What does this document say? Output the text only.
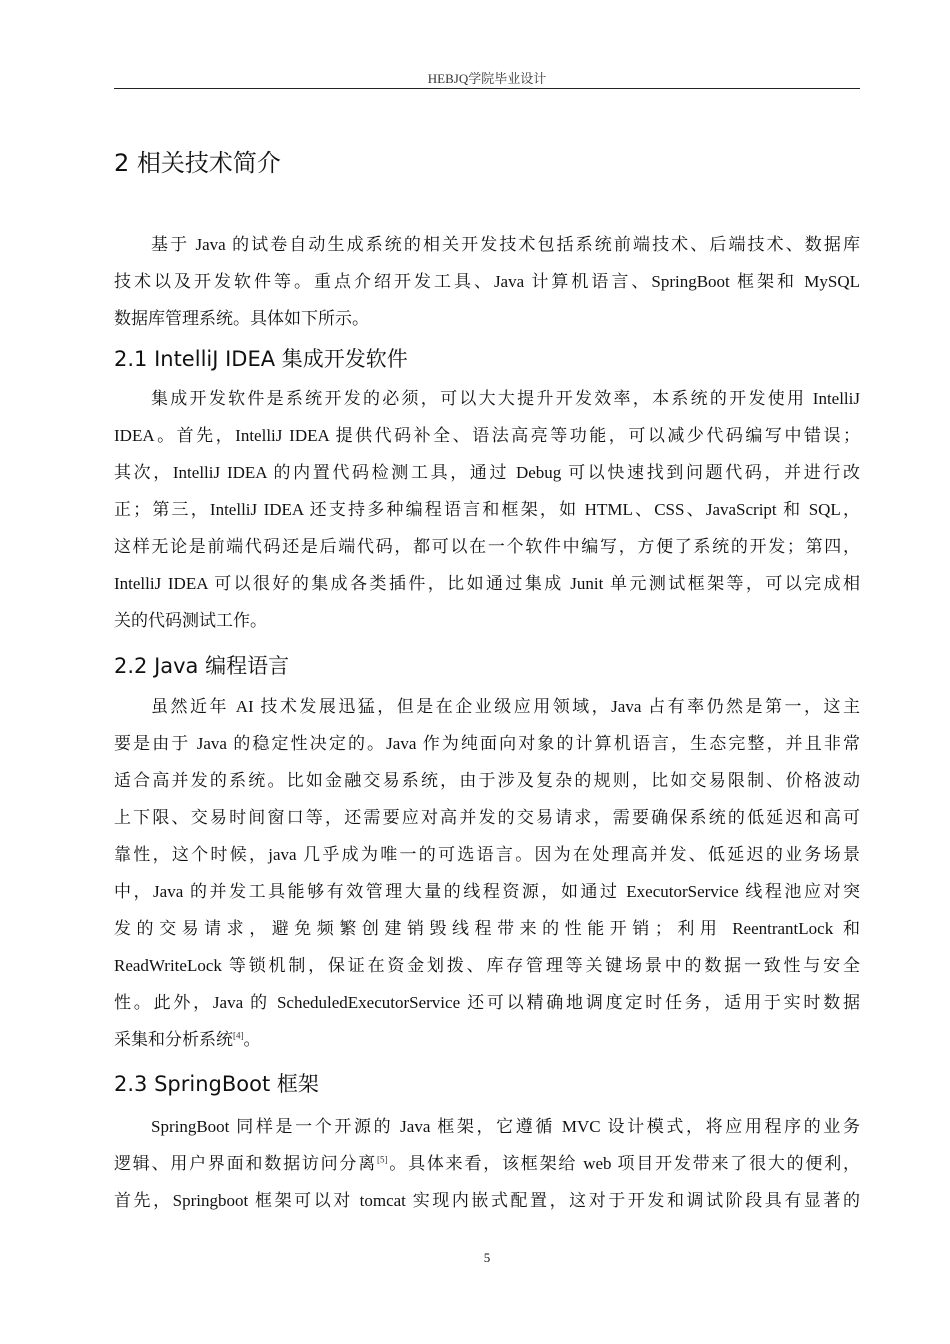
HEBJQ学院毕业设计
2 相关技术简介
基于 Java 的试卷自动生成系统的相关开发技术包括系统前端技术、后端技术、数据库
技术以及开发软件等。重点介绍开发工具、Java 计算机语言、SpringBoot 框架和 MySQL
数据库管理系统。具体如下所示。
2.1 IntelliJ IDEA 集成开发软件
集成开发软件是系统开发的必须，可以大大提升开发效率，本系统的开发使用 IntelliJ
IDEA。首先，IntelliJ IDEA 提供代码补全、语法高亮等功能，可以减少代码编写中错误；
其次，IntelliJ IDEA 的内置代码检测工具，通过 Debug 可以快速找到问题代码，并进行改
正；第三，IntelliJ IDEA 还支持多种编程语言和框架，如 HTML、CSS、JavaScript 和 SQL，
这样无论是前端代码还是后端代码，都可以在一个软件中编写，方便了系统的开发；第四，
IntelliJ IDEA 可以很好的集成各类插件，比如通过集成 Junit 单元测试框架等，可以完成相
关的代码测试工作。
2.2 Java 编程语言
虽然近年 AI 技术发展迅猛，但是在企业级应用领域，Java 占有率仍然是第一，这主
要是由于 Java 的稳定性决定的。Java 作为纯面向对象的计算机语言，生态完整，并且非常
适合高并发的系统。比如金融交易系统，由于涉及复杂的规则，比如交易限制、价格波动
上下限、交易时间窗口等，还需要应对高并发的交易请求，需要确保系统的低延迟和高可
靠性，这个时候，java 几乎成为唯一的可选语言。因为在处理高并发、低延迟的业务场景
中，Java 的并发工具能够有效管理大量的线程资源，如通过 ExecutorService 线程池应对突
发的交易请求，避免频繁创建销毁线程带来的性能开销；利用 ReentrantLock 和
ReadWriteLock 等锁机制，保证在资金划拨、库存管理等关键场景中的数据一致性与安全
性。此外，Java 的 ScheduledExecutorService 还可以精确地调度定时任务，适用于实时数据
采集和分析系统[4]。
2.3 SpringBoot 框架
SpringBoot 同样是一个开源的 Java 框架，它遵循 MVC 设计模式，将应用程序的业务
逻辑、用户界面和数据访问分离[5]。具体来看，该框架给 web 项目开发带来了很大的便利，
首先，Springboot 框架可以对 tomcat 实现内嵌式配置，这对于开发和调试阶段具有显著的
5
